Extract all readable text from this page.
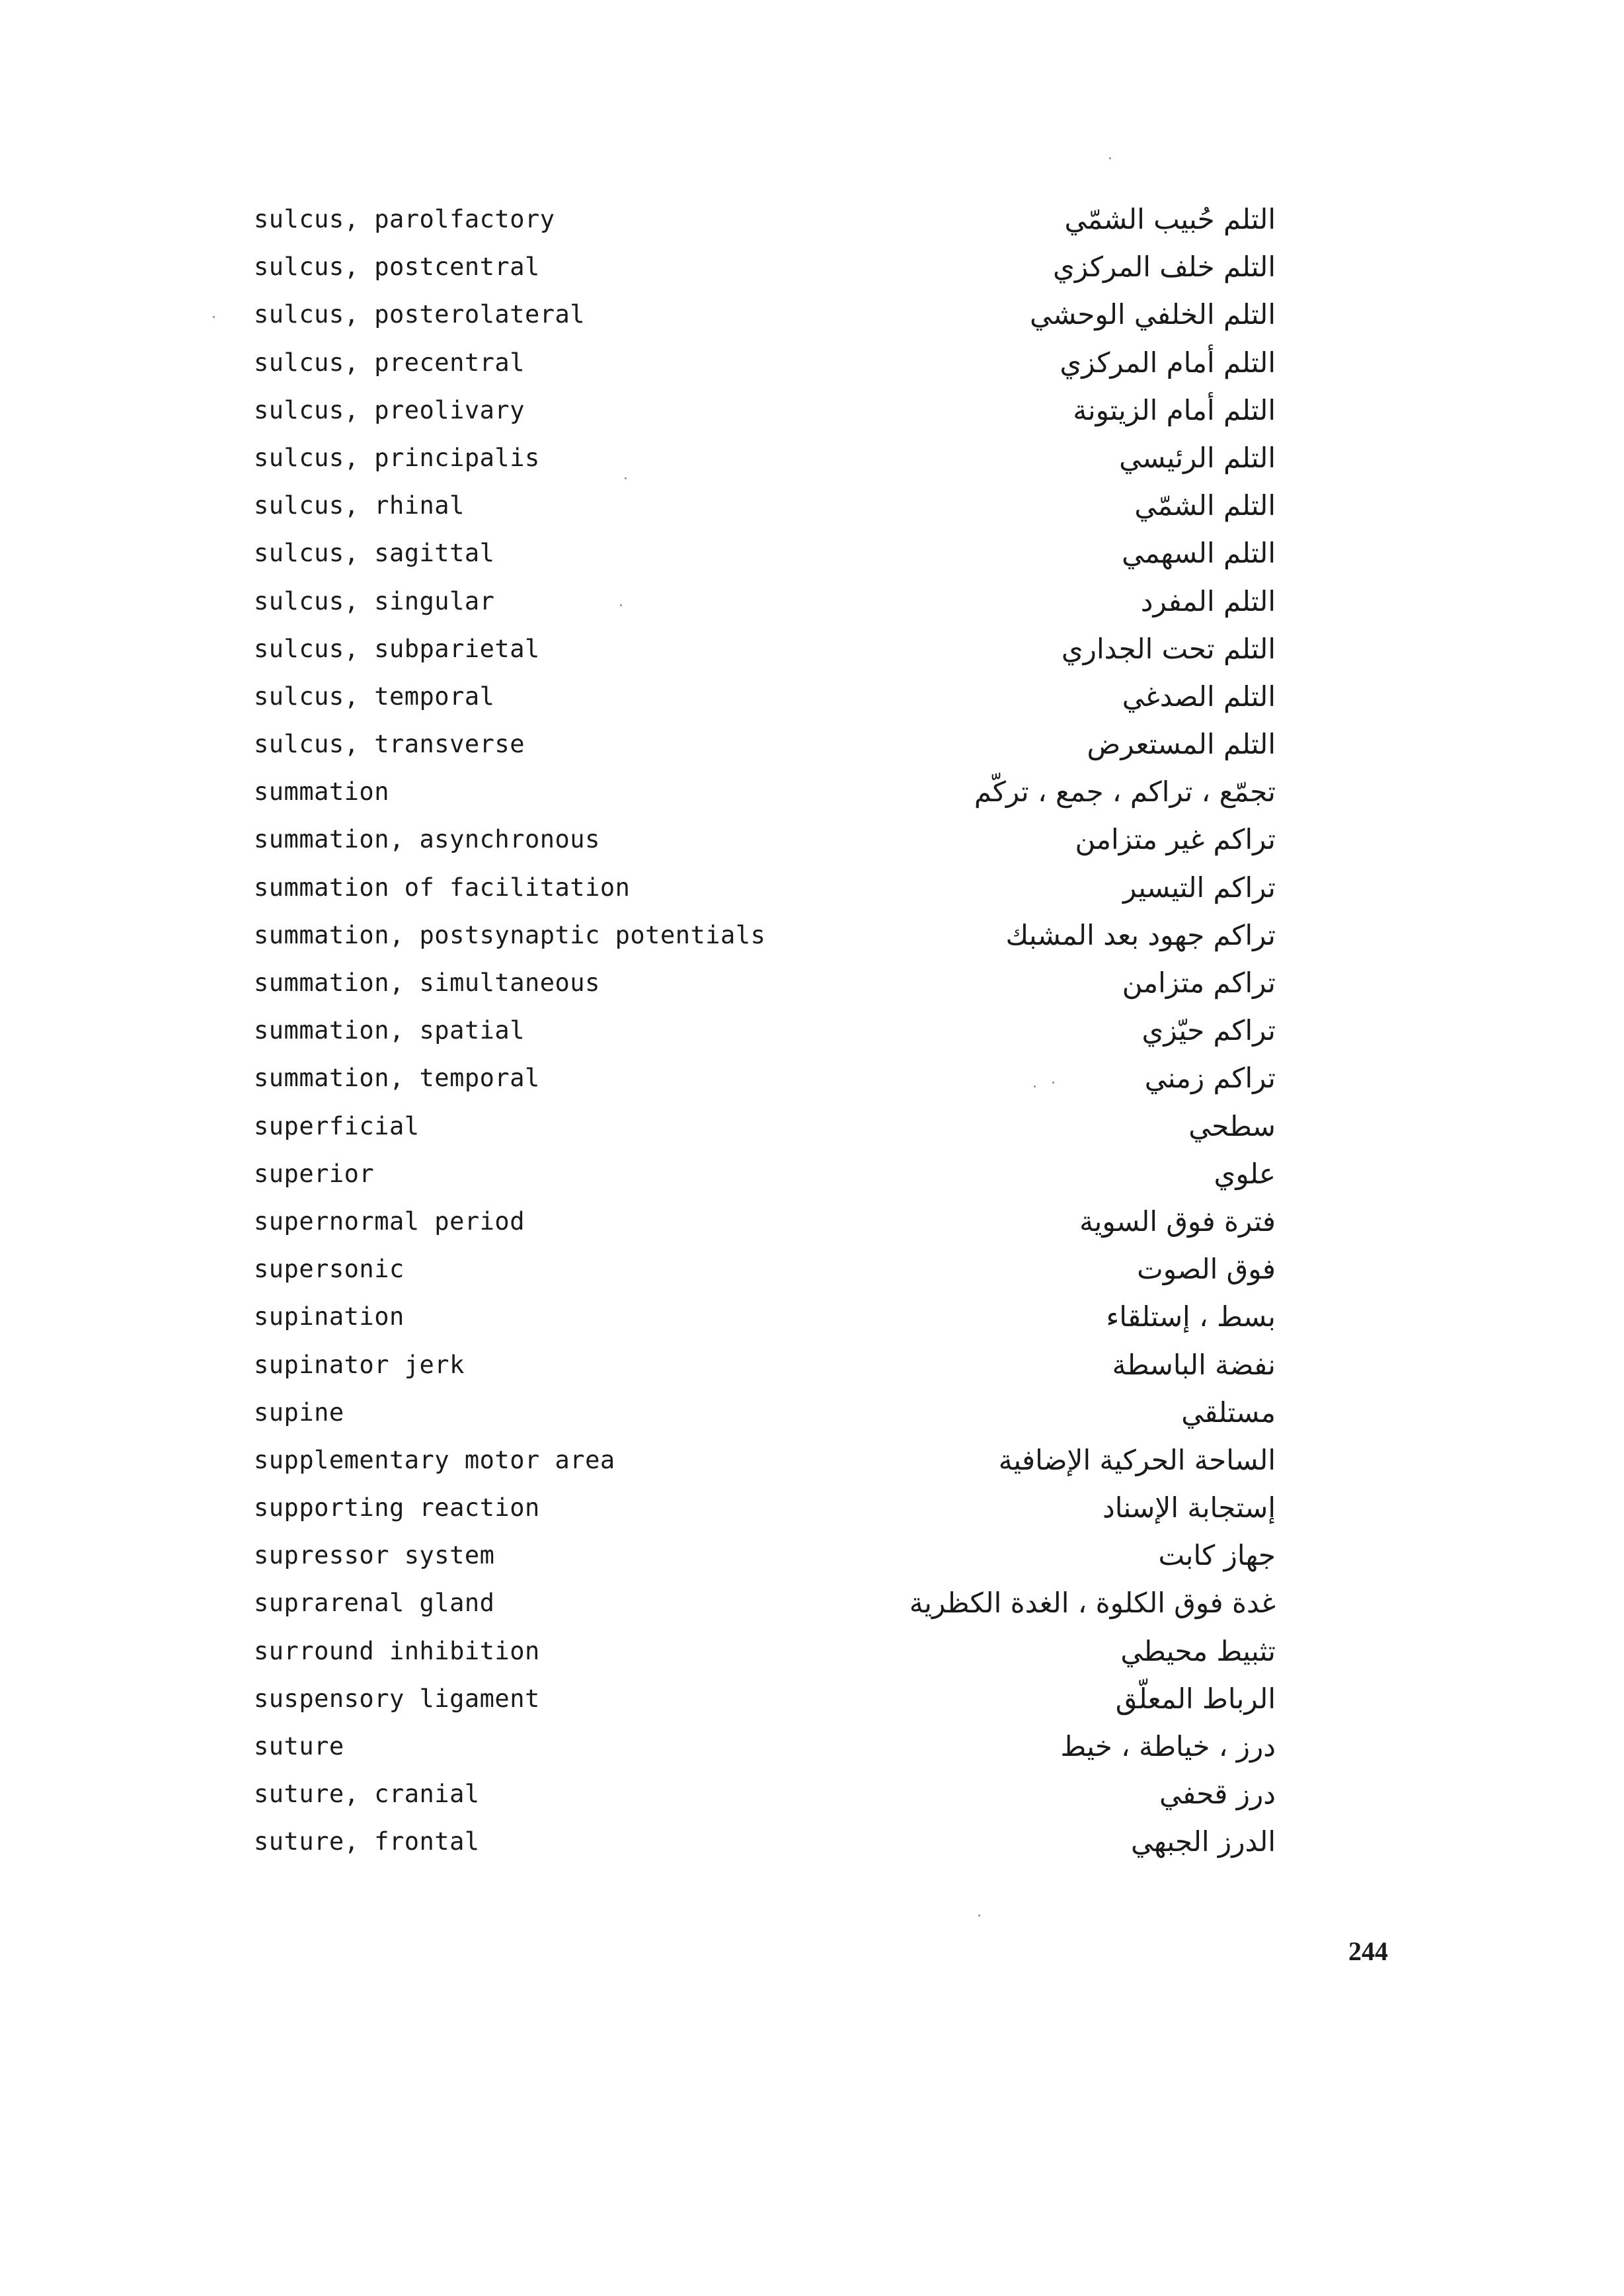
sulcus, parolfactory	التلم حُبيب الشمّي
sulcus, postcentral	التلم خلف المركزي
sulcus, posterolateral	التلم الخلفي الوحشي
sulcus, precentral	التلم أمام المركزي
sulcus, preolivary	التلم أمام الزيتونة
sulcus, principalis	التلم الرئيسي
sulcus, rhinal	التلم الشمّي
sulcus, sagittal	التلم السهمي
sulcus, singular	التلم المفرد
sulcus, subparietal	التلم تحت الجداري
sulcus, temporal	التلم الصدغي
sulcus, transverse	التلم المستعرض
summation	تجمّع ، تراكم ، جمع ، تركّم
summation, asynchronous	تراكم غير متزامن
summation of facilitation	تراكم التيسير
summation, postsynaptic potentials	تراكم جهود بعد المشبك
summation, simultaneous	تراكم متزامن
summation, spatial	تراكم حيّزي
summation, temporal	تراكم زمني
superficial	سطحي
superior	علوي
supernormal period	فترة فوق السوية
supersonic	فوق الصوت
supination	بسط ، إستلقاء
supinator jerk	نفضة الباسطة
supine	مستلقي
supplementary motor area	الساحة الحركية الإضافية
supporting reaction	إستجابة الإسناد
supressor system	جهاز كابت
suprarenal gland	غدة فوق الكلوة ، الغدة الكظرية
surround inhibition	تثبيط محيطي
suspensory ligament	الرباط المعلّق
suture	درز ، خياطة ، خيط
suture, cranial	درز قحفي
suture, frontal	الدرز الجبهي
244
